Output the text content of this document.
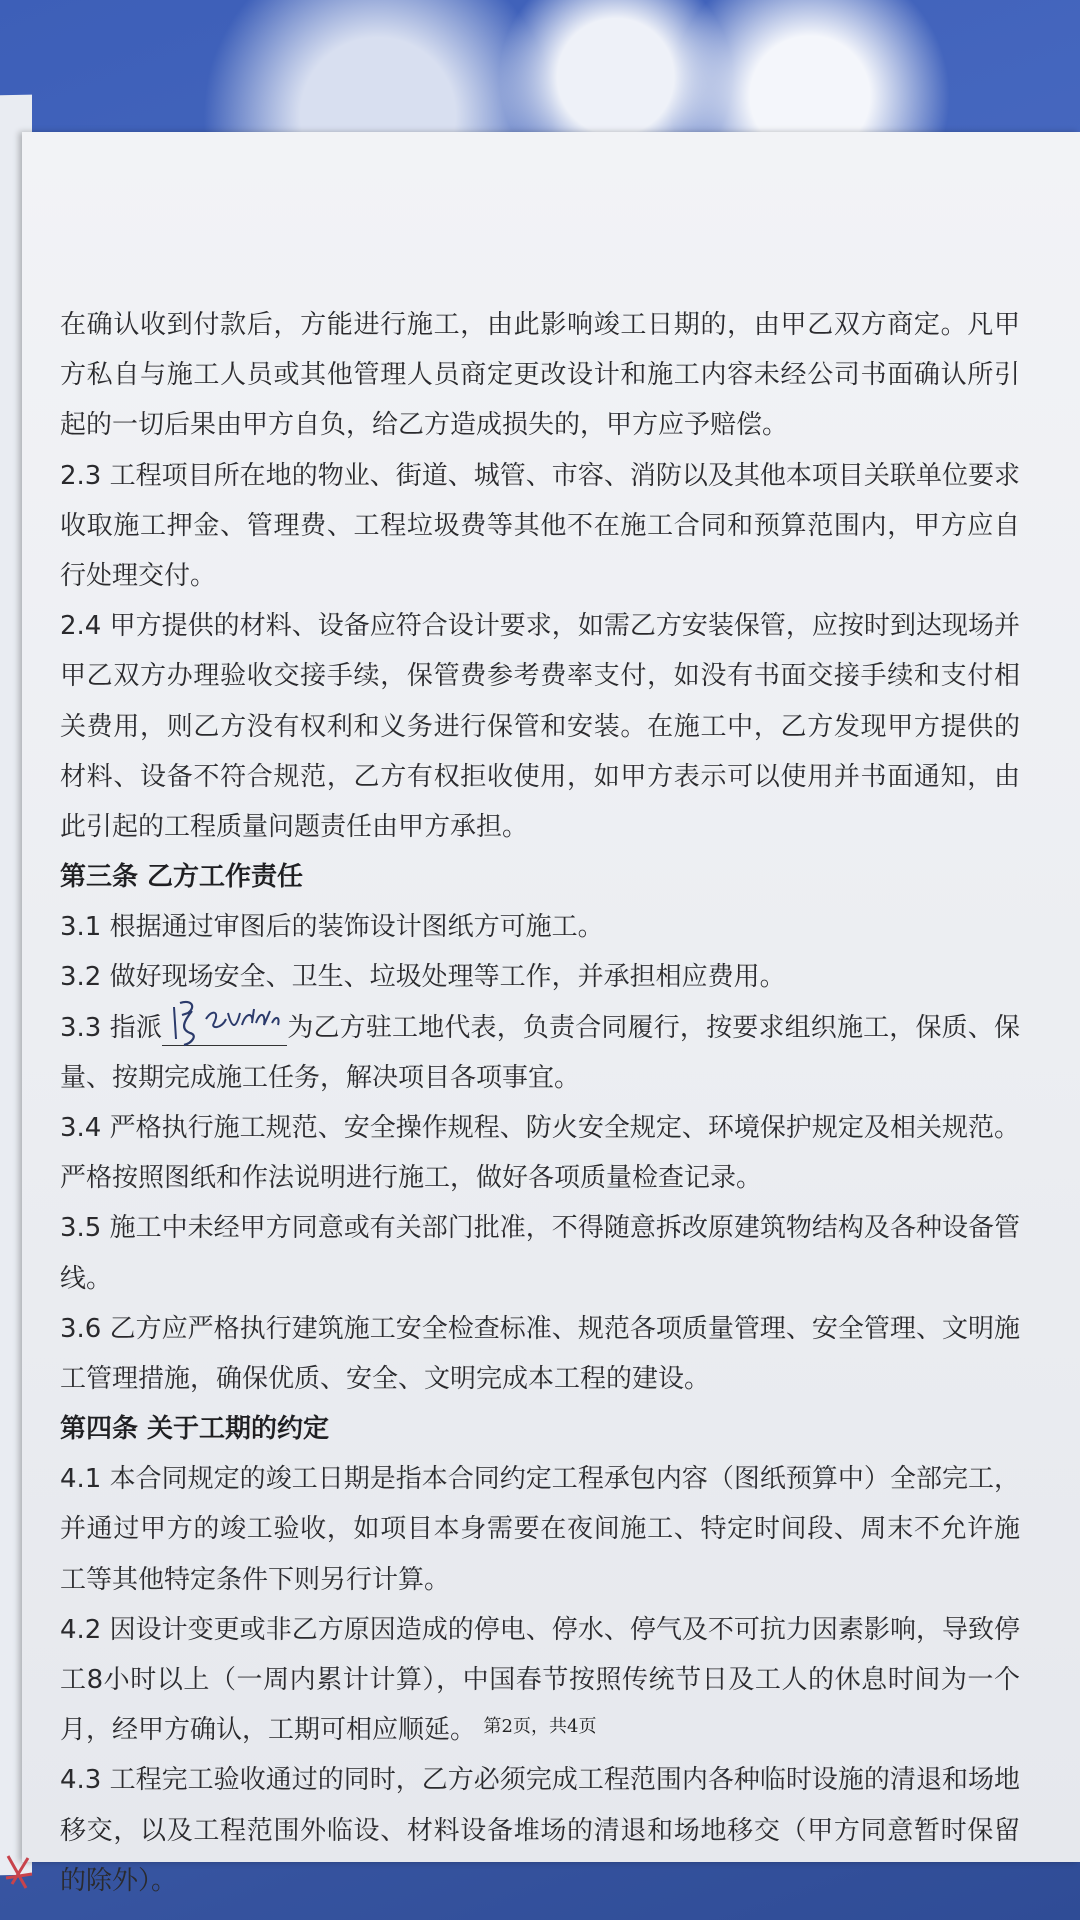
在确认收到付款后，方能进行施工，由此影响竣工日期的，由甲乙双方商定。凡甲方私自与施工人员或其他管理人员商定更改设计和施工内容未经公司书面确认所引起的一切后果由甲方自负，给乙方造成损失的，甲方应予赔偿。

2.3 工程项目所在地的物业、街道、城管、市容、消防以及其他本项目关联单位要求收取施工押金、管理费、工程垃圾费等其他不在施工合同和预算范围内，甲方应自行处理交付。

2.4 甲方提供的材料、设备应符合设计要求，如需乙方安装保管，应按时到达现场并甲乙双方办理验收交接手续，保管费参考费率支付，如没有书面交接手续和支付相关费用，则乙方没有权利和义务进行保管和安装。在施工中，乙方发现甲方提供的材料、设备不符合规范，乙方有权拒收使用，如甲方表示可以使用并书面通知，由此引起的工程质量问题责任由甲方承担。

第三条 乙方工作责任

3.1 根据通过审图后的装饰设计图纸方可施工。

3.2 做好现场安全、卫生、垃圾处理等工作，并承担相应费用。

3.3 指派	为乙方驻工地代表，负责合同履行，按要求组织施工，保质、保量、按期完成施工任务，解决项目各项事宜。

3.4 严格执行施工规范、安全操作规程、防火安全规定、环境保护规定及相关规范。严格按照图纸和作法说明进行施工，做好各项质量检查记录。

3.5 施工中未经甲方同意或有关部门批准，不得随意拆改原建筑物结构及各种设备管线。

3.6 乙方应严格执行建筑施工安全检查标准、规范各项质量管理、安全管理、文明施工管理措施，确保优质、安全、文明完成本工程的建设。

第四条 关于工期的约定

4.1 本合同规定的竣工日期是指本合同约定工程承包内容（图纸预算中）全部完工，并通过甲方的竣工验收，如项目本身需要在夜间施工、特定时间段、周末不允许施工等其他特定条件下则另行计算。

4.2 因设计变更或非乙方原因造成的停电、停水、停气及不可抗力因素影响，导致停工8小时以上（一周内累计计算），中国春节按照传统节日及工人的休息时间为一个月，经甲方确认，工期可相应顺延。

4.3 工程完工验收通过的同时，乙方必须完成工程范围内各种临时设施的清退和场地移交，以及工程范围外临设、材料设备堆场的清退和场地移交（甲方同意暂时保留的除外）。

第2页，共4页
